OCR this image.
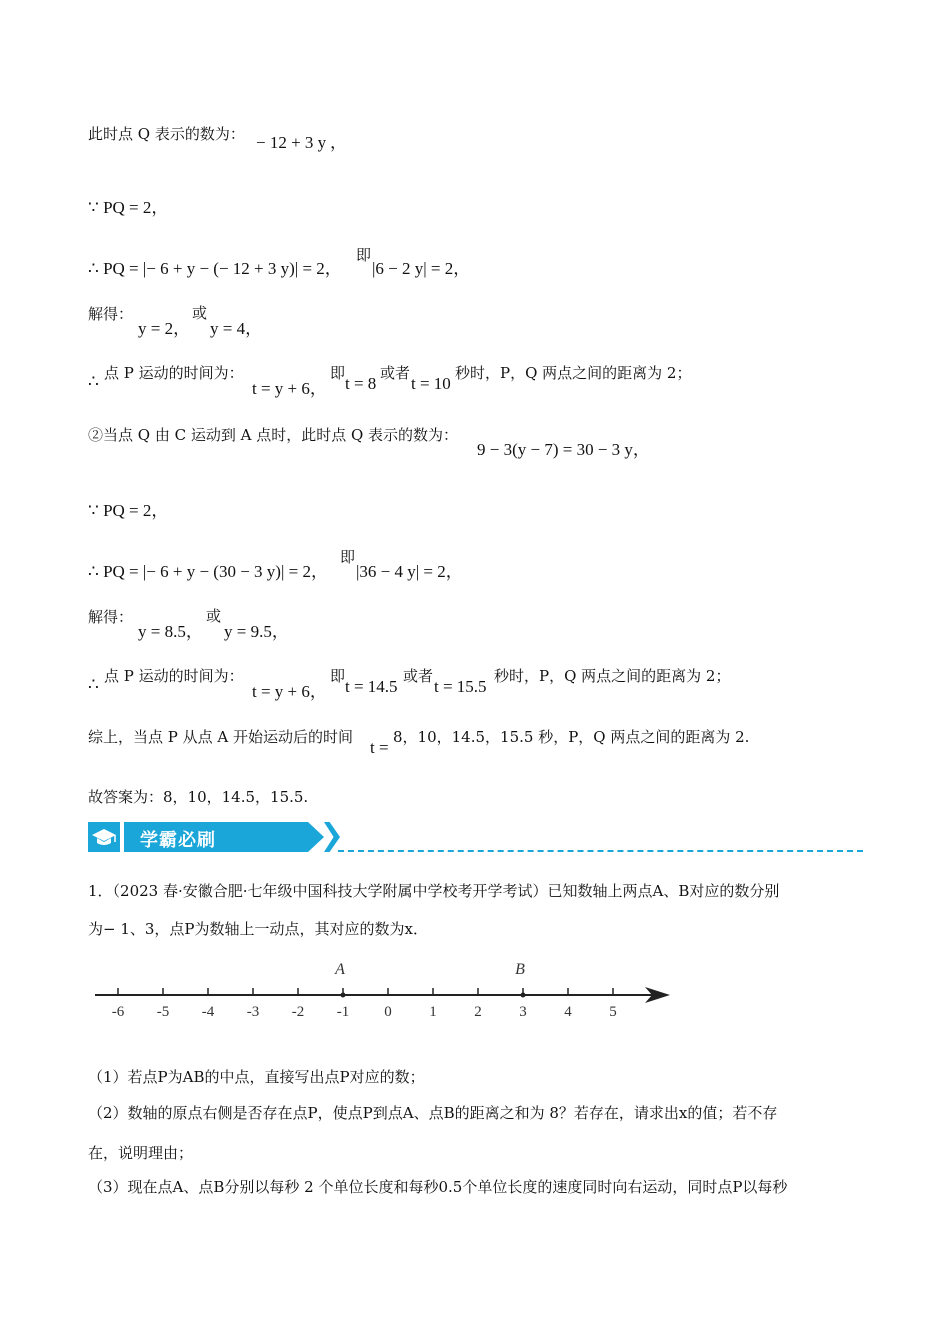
此时点 Q 表示的数为： − 12 + 3 y ，
∵ PQ = 2，
∴ PQ = |− 6 + y − (− 12 + 3 y)| = 2，
即
|6 − 2 y| = 2，
解得：
y = 2，
或
y = 4，
∴ 点 P 运动的时间为：
t = y + 6，
即
t = 8
或者
t = 10
秒时，P，Q 两点之间的距离为 2；
②当点 Q 由 C 运动到 A 点时，此时点 Q 表示的数为：
9 − 3(y − 7) = 30 − 3 y，
∵ PQ = 2，
∴ PQ = |− 6 + y − (30 − 3 y)| = 2，
即
|36 − 4 y| = 2，
解得：
y = 8.5，
或
y = 9.5，
∴ 点 P 运动的时间为：
t = y + 6，
即
t = 14.5
或者
t = 15.5
秒时，P，Q 两点之间的距离为 2；
综上，当点 P 从点 A 开始运动后的时间
t =
8，10，14.5，15.5 秒，P，Q 两点之间的距离为 2.
故答案为：8，10，14.5，15.5.
学霸必刷
1．（2023 春·安徽合肥·七年级中国科技大学附属中学校考开学考试）已知数轴上两点A、B对应的数分别
为− 1、3，点P为数轴上一动点，其对应的数为x．
-6 -5 -4 -3 -2 -1 0	1	2	3	4	5
A	B
（1）若点P为AB的中点，直接写出点P对应的数；
（2）数轴的原点右侧是否存在点P，使点P到点A、点B的距离之和为 8？若存在，请求出x的值；若不存
在，说明理由；
（3）现在点A、点B分别以每秒 2 个单位长度和每秒0.5个单位长度的速度同时向右运动，同时点P以每秒
